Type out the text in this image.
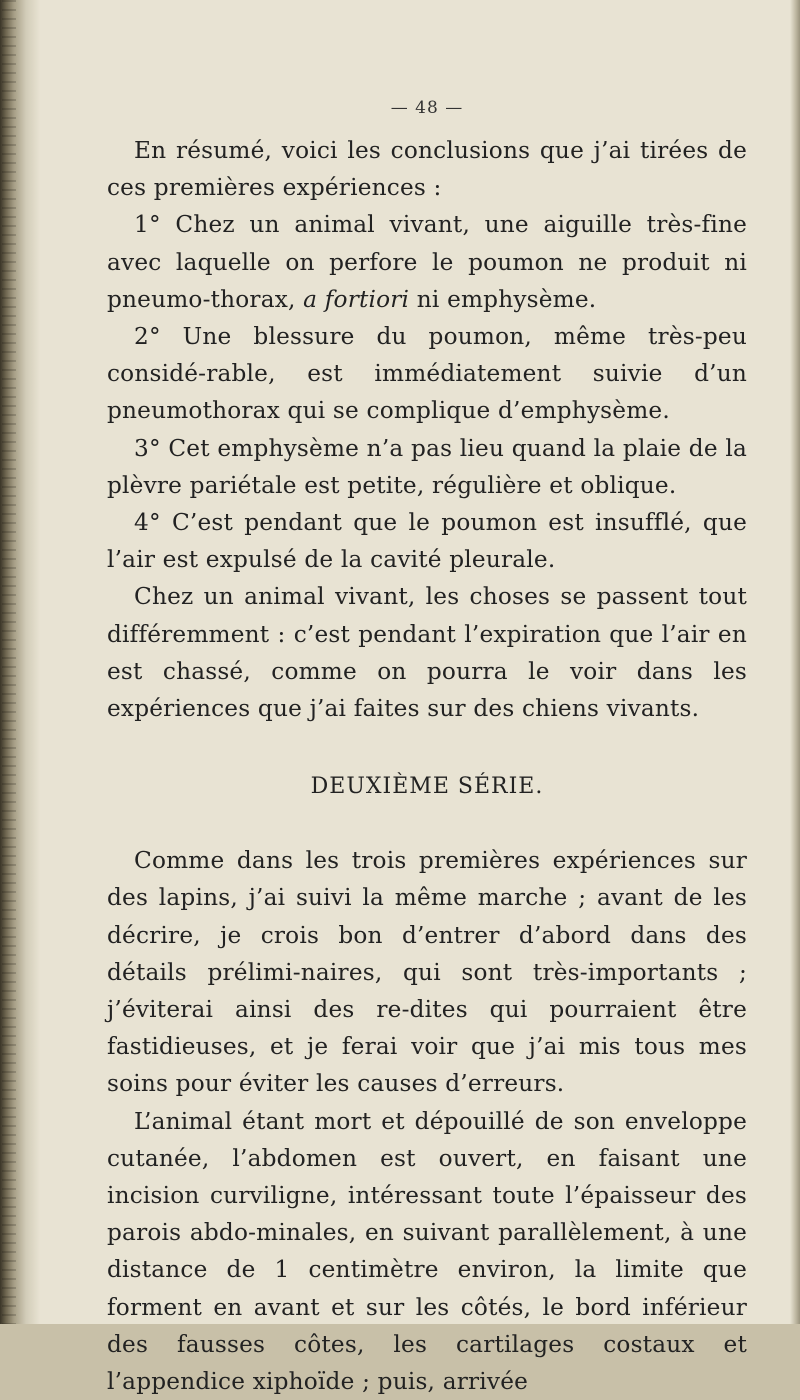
— 48 —

En résumé, voici les conclusions que j’ai tirées de ces premières expériences :

1° Chez un animal vivant, une aiguille très-fine avec laquelle on perfore le poumon ne produit ni pneumo-thorax, a fortiori ni emphysème.

2° Une blessure du poumon, même très-peu considé-rable, est immédiatement suivie d’un pneumothorax qui se complique d’emphysème.

3° Cet emphysème n’a pas lieu quand la plaie de la plèvre pariétale est petite, régulière et oblique.

4° C’est pendant que le poumon est insufflé, que l’air est expulsé de la cavité pleurale.

Chez un animal vivant, les choses se passent tout différemment : c’est pendant l’expiration que l’air en est chassé, comme on pourra le voir dans les expériences que j’ai faites sur des chiens vivants.

DEUXIÈME SÉRIE.

Comme dans les trois premières expériences sur des lapins, j’ai suivi la même marche ; avant de les décrire, je crois bon d’entrer d’abord dans des détails prélimi-naires, qui sont très-importants ; j’éviterai ainsi des re-dites qui pourraient être fastidieuses, et je ferai voir que j’ai mis tous mes soins pour éviter les causes d’erreurs.

L’animal étant mort et dépouillé de son enveloppe cutanée, l’abdomen est ouvert, en faisant une incision curviligne, intéressant toute l’épaisseur des parois abdo-minales, en suivant parallèlement, à une distance de 1 centimètre environ, la limite que forment en avant et sur les côtés, le bord inférieur des fausses côtes, les cartilages costaux et l’appendice xiphoïde ; puis, arrivée
